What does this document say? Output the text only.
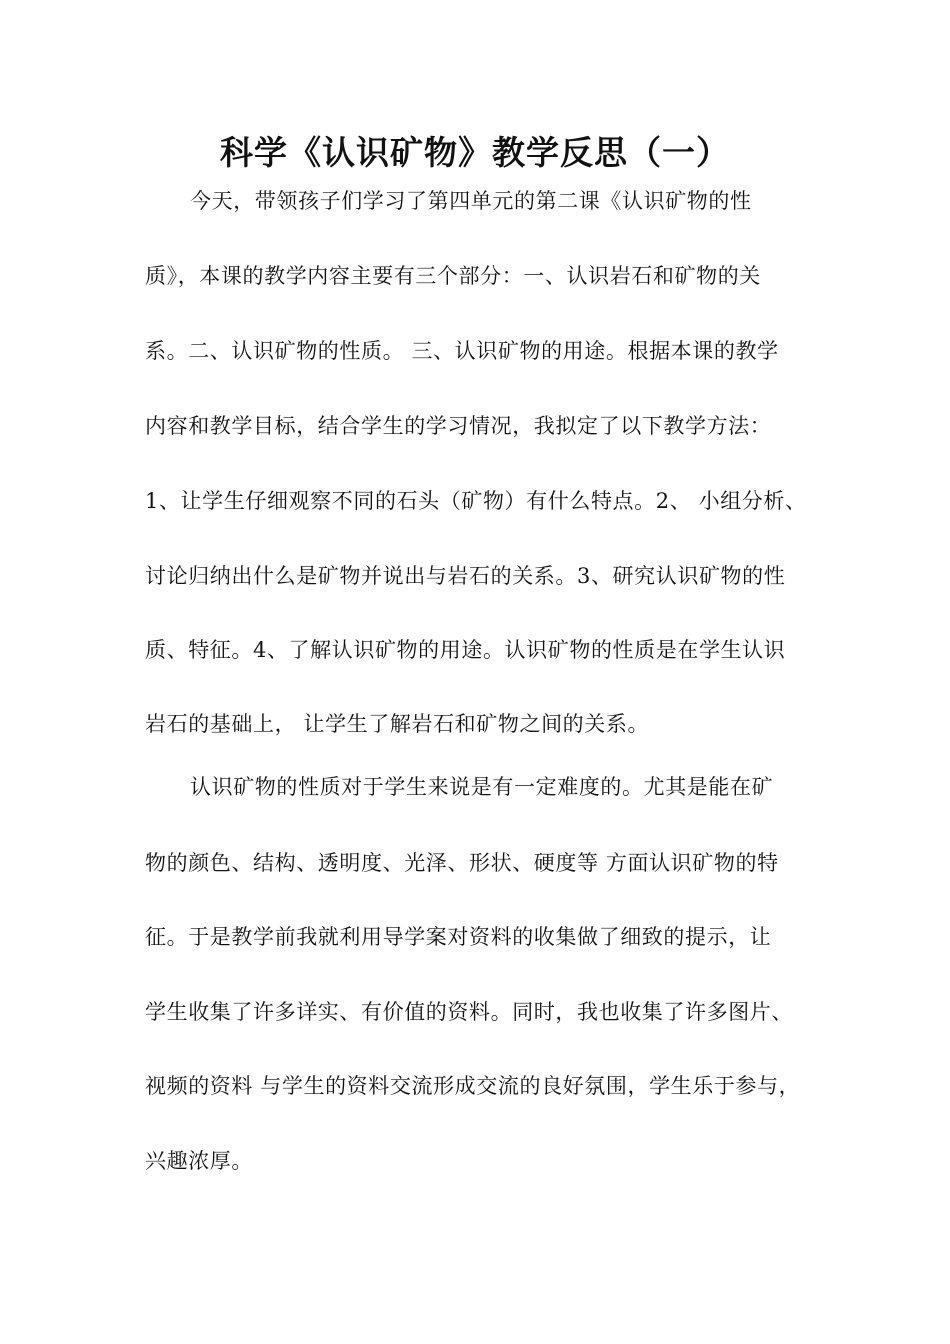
科学《认识矿物》教学反思（一）
今天，带领孩子们学习了第四单元的第二课《认识矿物的性
质》，本课的教学内容主要有三个部分：一、认识岩石和矿物的关
系。二、认识矿物的性质。 三、认识矿物的用途。根据本课的教学
内容和教学目标，结合学生的学习情况，我拟定了以下教学方法：
1、让学生仔细观察不同的石头（矿物）有什么特点。2、 小组分析、
讨论归纳出什么是矿物并说出与岩石的关系。3、研究认识矿物的性
质、特征。4、了解认识矿物的用途。认识矿物的性质是在学生认识
岩石的基础上， 让学生了解岩石和矿物之间的关系。
认识矿物的性质对于学生来说是有一定难度的。尤其是能在矿
物的颜色、结构、透明度、光泽、形状、硬度等 方面认识矿物的特
征。于是教学前我就利用导学案对资料的收集做了细致的提示，让
学生收集了许多详实、有价值的资料。同时，我也收集了许多图片、
视频的资料 与学生的资料交流形成交流的良好氛围，学生乐于参与，
兴趣浓厚。
